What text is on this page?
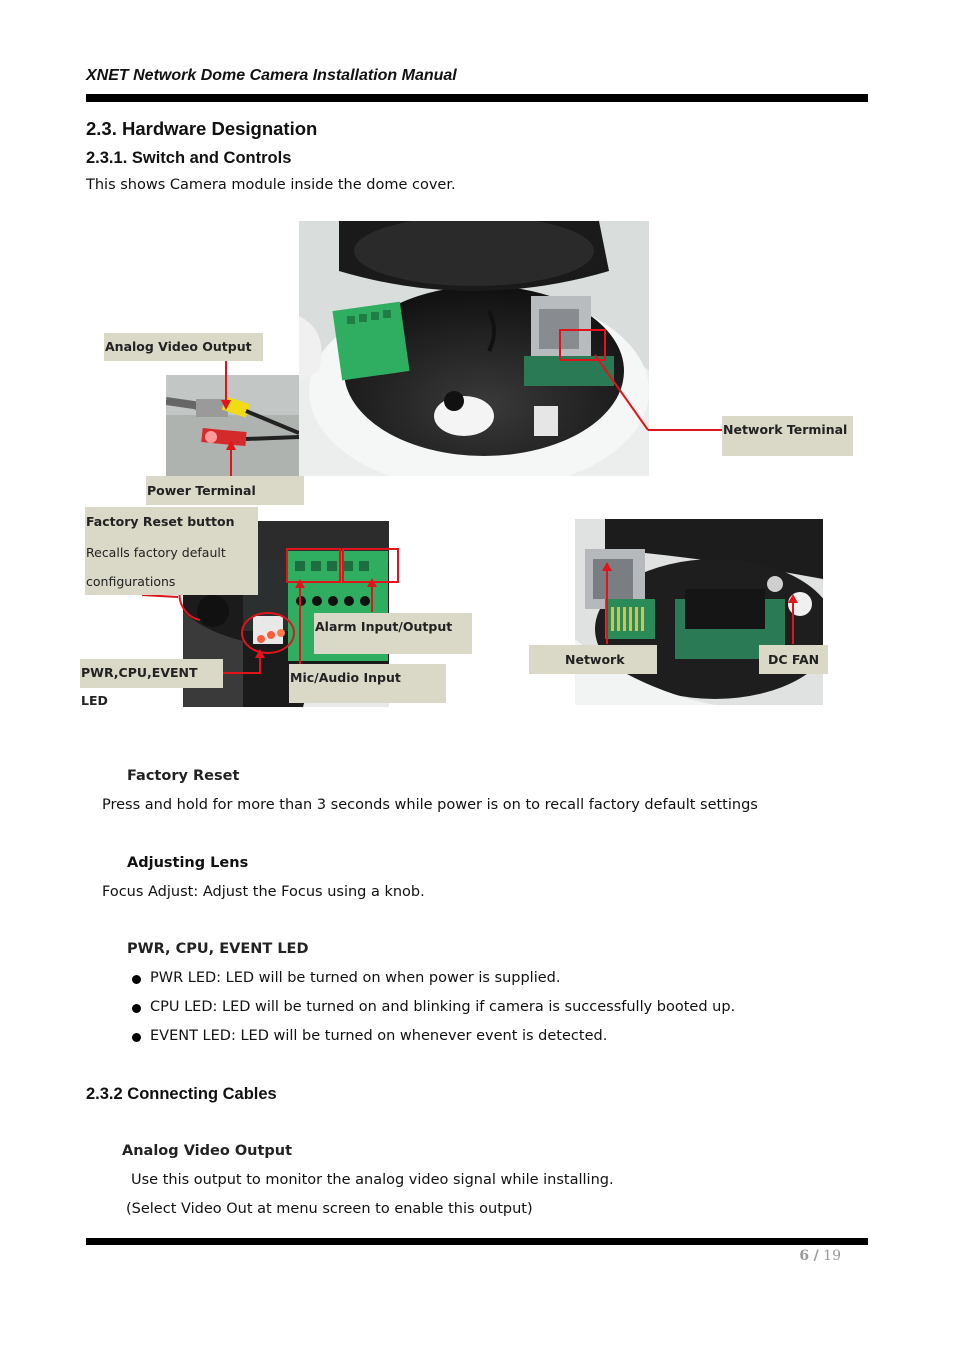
XNET Network Dome Camera Installation Manual
2.3. Hardware Designation
2.3.1. Switch and Controls
This shows Camera module inside the dome cover.
Analog Video Output
Network Terminal
Power Terminal
Factory Reset button
Recalls factory default
configurations
Alarm Input/Output
PWR,CPU,EVENT LED
Mic/Audio Input
Network	DC FAN
Factory Reset
Press and hold for more than 3 seconds while power is on to recall factory default settings
Adjusting Lens
Focus Adjust: Adjust the Focus using a knob.
PWR, CPU, EVENT LED
PWR LED: LED will be turned on when power is supplied.
CPU LED: LED will be turned on and blinking if camera is successfully booted up.
EVENT LED: LED will be turned on whenever event is detected.
2.3.2 Connecting Cables
Analog Video Output
Use this output to monitor the analog video signal while installing.
(Select Video Out at menu screen to enable this output)
6 / 19
